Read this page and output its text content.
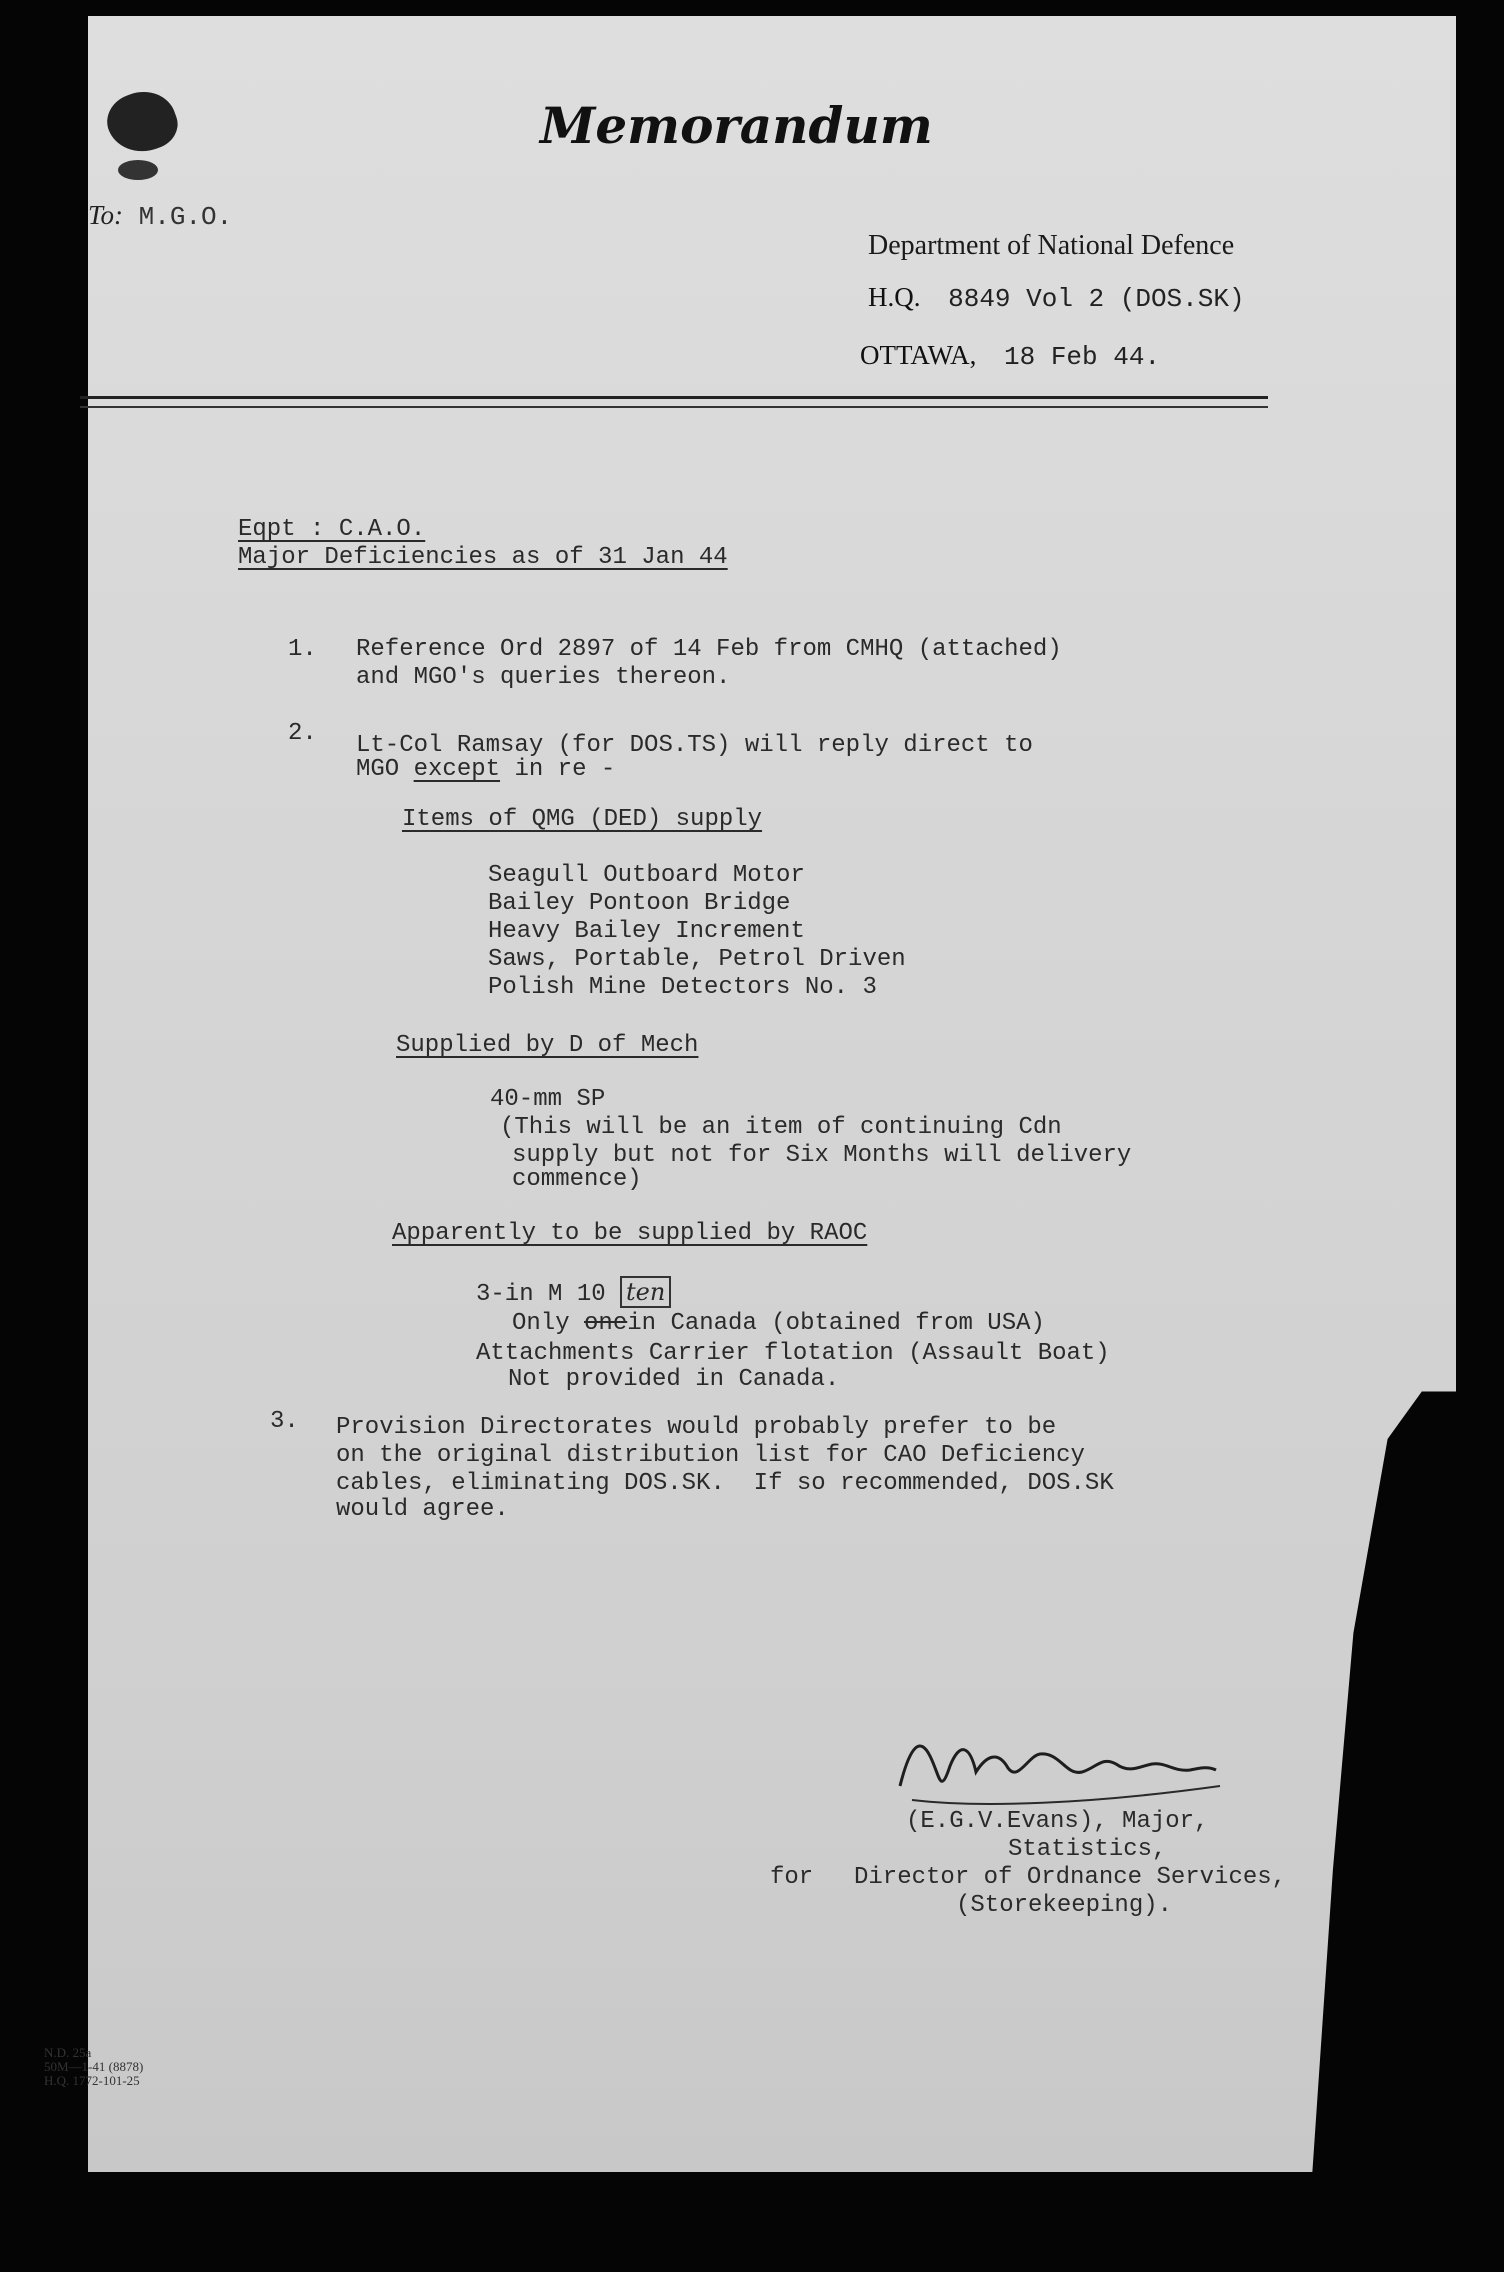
Memorandum
To: M.G.O.
Department of National Defence
H.Q. 8849 Vol 2 (DOS.SK)
OTTAWA, 18 Feb 44.
Eqpt : C.A.O.
Major Deficiencies as of 31 Jan 44
1. Reference Ord 2897 of 14 Feb from CMHQ (attached)
and MGO's queries thereon.
2. Lt-Col Ramsay (for DOS.TS) will reply direct to
MGO except in re -
Items of QMG (DED) supply
Seagull Outboard Motor
Bailey Pontoon Bridge
Heavy Bailey Increment
Saws, Portable, Petrol Driven
Polish Mine Detectors No. 3
Supplied by D of Mech
40-mm SP
(This will be an item of continuing Cdn
supply but not for Six Months will delivery
commence)
Apparently to be supplied by RAOC
3-in M 10 ten
Only onein Canada (obtained from USA)
Attachments Carrier flotation (Assault Boat)
Not provided in Canada.
3. Provision Directorates would probably prefer to be
on the original distribution list for CAO Deficiency
cables, eliminating DOS.SK.  If so recommended, DOS.SK
would agree.
(E.G.V.Evans), Major,
Statistics,
for Director of Ordnance Services,
(Storekeeping).
N.D. 25a
50M—1-41 (8878)
H.Q. 1772-101-25
